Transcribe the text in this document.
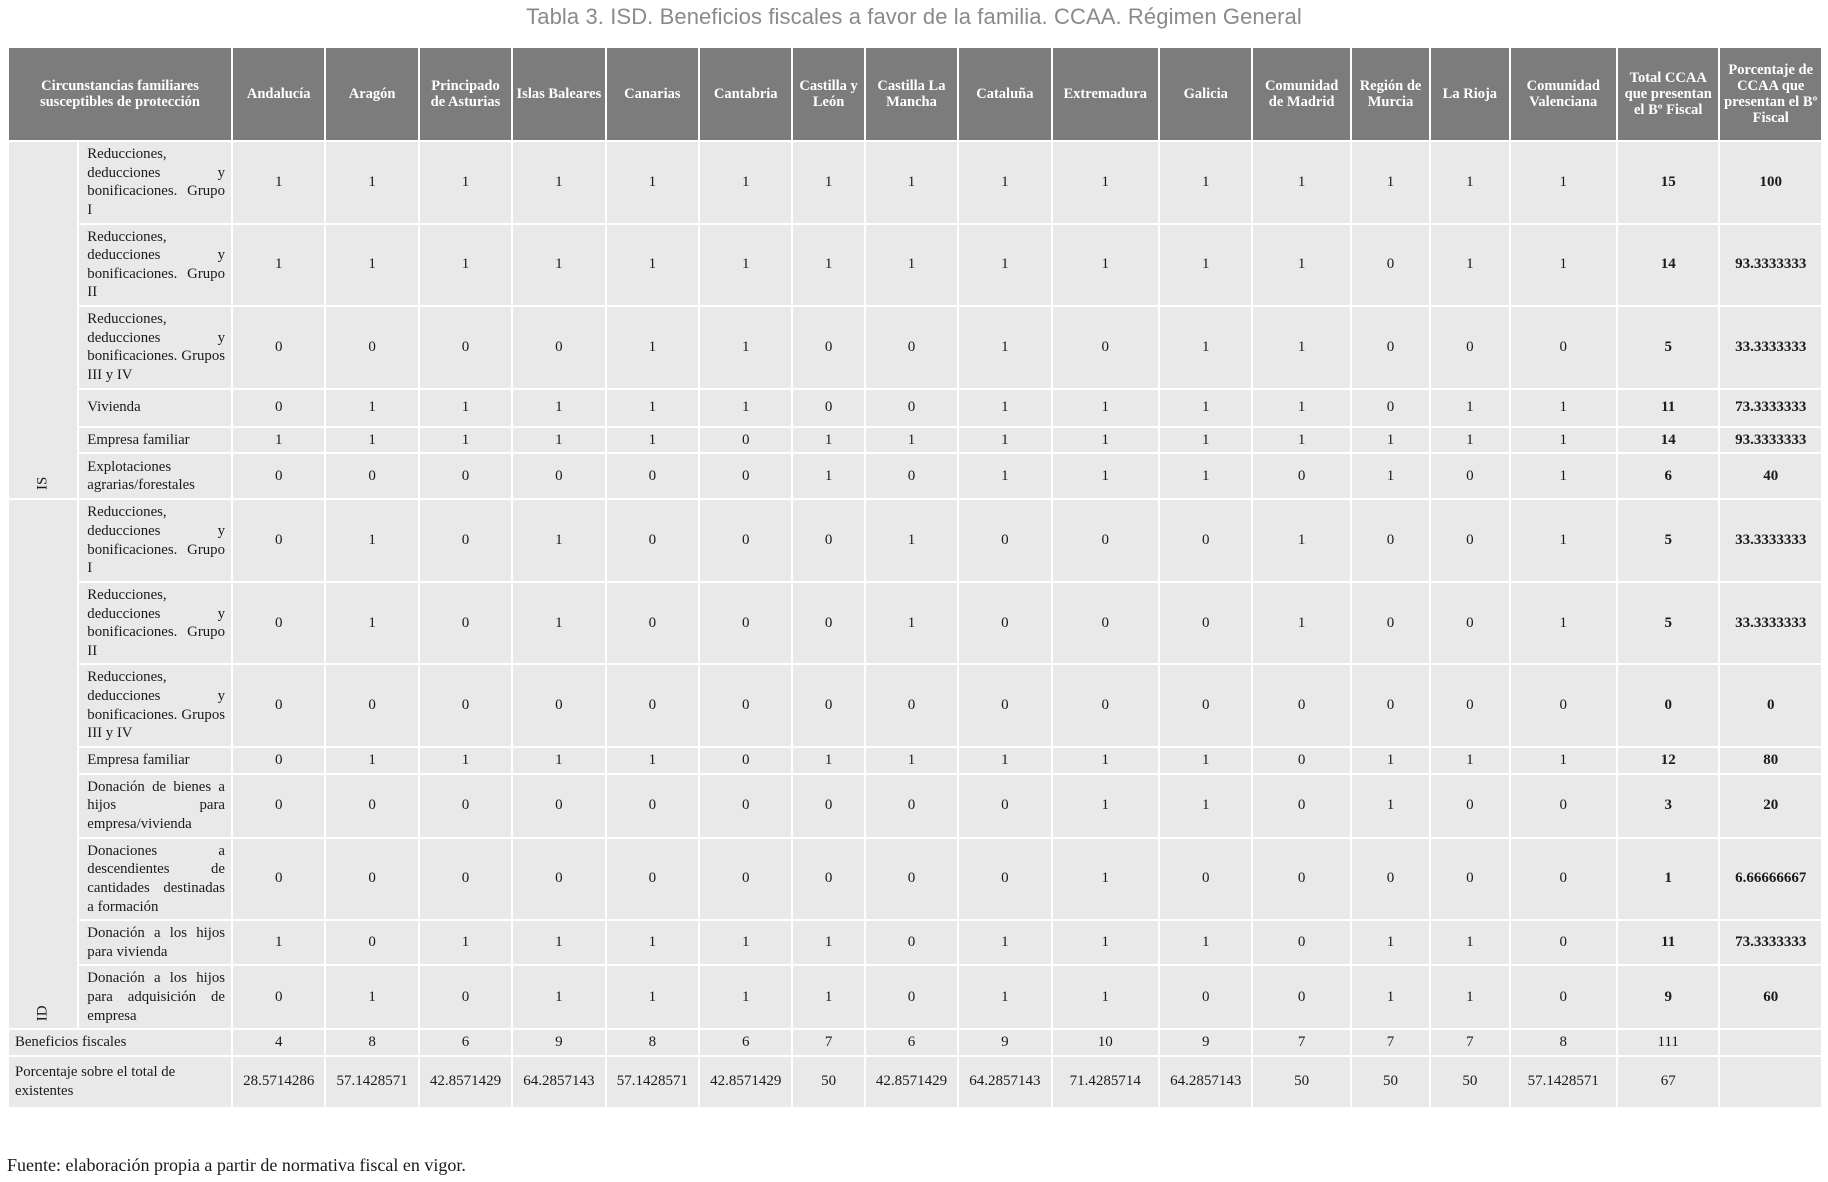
Tabla 3. ISD. Beneficios fiscales a favor de la familia. CCAA. Régimen General
Circunstancias familiares susceptibles de protección		Andalucía	Aragón	Principado de Asturias	Islas Baleares	Canarias	Cantabria	Castilla y León	Castilla La Mancha	Cataluña	Extremadura	Galicia	Comunidad de Madrid	Región de Murcia	La Rioja	Comunidad Valenciana	Total CCAA que presentan el Bº Fiscal	Porcentaje de CCAA que presentan el Bº Fiscal
IS	Reducciones, deducciones y bonificaciones. Grupo I	1	1	1	1	1	1	1	1	1	1	1	1	1	1	1	15	100
	Reducciones, deducciones y bonificaciones. Grupo II	1	1	1	1	1	1	1	1	1	1	1	1	0	1	1	14	93.3333333
	Reducciones, deducciones y bonificaciones. Grupos III y IV	0	0	0	0	1	1	0	0	1	0	1	1	0	0	0	5	33.3333333
	Vivienda	0	1	1	1	1	1	0	0	1	1	1	1	0	1	1	11	73.3333333
	Empresa familiar	1	1	1	1	1	0	1	1	1	1	1	1	1	1	1	14	93.3333333
	Explotaciones agrarias/forestales	0	0	0	0	0	0	1	0	1	1	1	0	1	0	1	6	40
ID	Reducciones, deducciones y bonificaciones. Grupo I	0	1	0	1	0	0	0	1	0	0	0	1	0	0	1	5	33.3333333
	Reducciones, deducciones y bonificaciones. Grupo II	0	1	0	1	0	0	0	1	0	0	0	1	0	0	1	5	33.3333333
	Reducciones, deducciones y bonificaciones. Grupos III y IV	0	0	0	0	0	0	0	0	0	0	0	0	0	0	0	0	0
	Empresa familiar	0	1	1	1	1	0	1	1	1	1	1	0	1	1	1	12	80
	Donación de bienes a hijos para empresa/vivienda	0	0	0	0	0	0	0	0	0	1	1	0	1	0	0	3	20
	Donaciones a descendientes de cantidades destinadas a formación	0	0	0	0	0	0	0	0	0	1	0	0	0	0	0	1	6.66666667
	Donación a los hijos para vivienda	1	0	1	1	1	1	1	0	1	1	1	0	1	1	0	11	73.3333333
	Donación a los hijos para adquisición de empresa	0	1	0	1	1	1	1	0	1	1	0	0	1	1	0	9	60
Beneficios fiscales		4	8	6	9	8	6	7	6	9	10	9	7	7	7	8	111	
Porcentaje sobre el total de existentes		28.5714286	57.1428571	42.8571429	64.2857143	57.1428571	42.8571429	50	42.8571429	64.2857143	71.4285714	64.2857143	50	50	50	57.1428571	67	
Fuente: elaboración propia a partir de normativa fiscal en vigor.
